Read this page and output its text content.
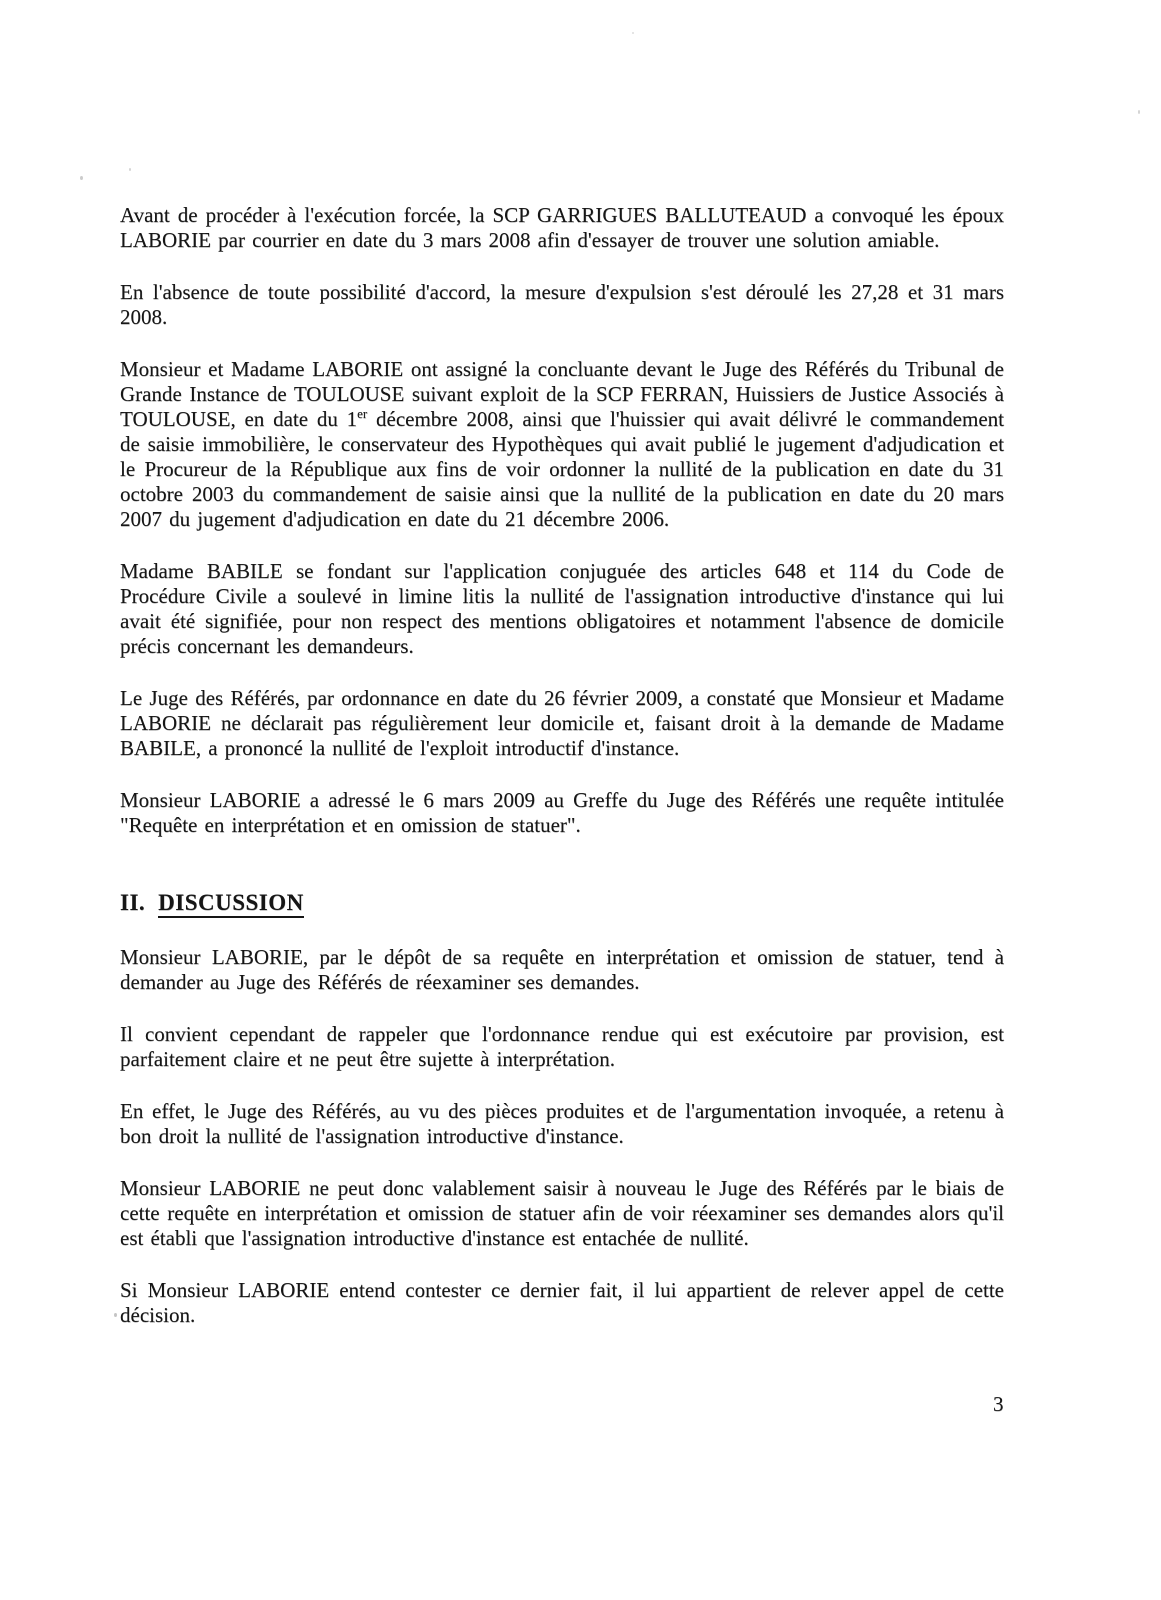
Avant de procéder à l'exécution forcée, la SCP GARRIGUES BALLUTEAUD a convoqué les époux LABORIE par courrier en date du 3 mars 2008 afin d'essayer de trouver une solution amiable.

En l'absence de toute possibilité d'accord, la mesure d'expulsion s'est déroulé les 27,28 et 31 mars 2008.

Monsieur et Madame LABORIE ont assigné la concluante devant le Juge des Référés du Tribunal de Grande Instance de TOULOUSE suivant exploit de la SCP FERRAN, Huissiers de Justice Associés à TOULOUSE, en date du 1er décembre 2008, ainsi que l'huissier qui avait délivré le commandement de saisie immobilière, le conservateur des Hypothèques qui avait publié le jugement d'adjudication et le Procureur de la République aux fins de voir ordonner la nullité de la publication en date du 31 octobre 2003 du commandement de saisie ainsi que la nullité de la publication en date du 20 mars 2007 du jugement d'adjudication en date du 21 décembre 2006.

Madame BABILE se fondant sur l'application conjuguée des articles 648 et 114 du Code de Procédure Civile a soulevé in limine litis la nullité de l'assignation introductive d'instance qui lui avait été signifiée, pour non respect des mentions obligatoires et notamment l'absence de domicile précis concernant les demandeurs.

Le Juge des Référés, par ordonnance en date du 26 février 2009, a constaté que Monsieur et Madame LABORIE ne déclarait pas régulièrement leur domicile et, faisant droit à la demande de Madame BABILE, a prononcé la nullité de l'exploit introductif d'instance.

Monsieur LABORIE a adressé le 6 mars 2009 au Greffe du Juge des Référés une requête intitulée "Requête en interprétation et en omission de statuer".

II. DISCUSSION

Monsieur LABORIE, par le dépôt de sa requête en interprétation et omission de statuer, tend à demander au Juge des Référés de réexaminer ses demandes.

Il convient cependant de rappeler que l'ordonnance rendue qui est exécutoire par provision, est parfaitement claire et ne peut être sujette à interprétation.

En effet, le Juge des Référés, au vu des pièces produites et de l'argumentation invoquée, a retenu à bon droit la nullité de l'assignation introductive d'instance.

Monsieur LABORIE ne peut donc valablement saisir à nouveau le Juge des Référés par le biais de cette requête en interprétation et omission de statuer afin de voir réexaminer ses demandes alors qu'il est établi que l'assignation introductive d'instance est entachée de nullité.

Si Monsieur LABORIE entend contester ce dernier fait, il lui appartient de relever appel de cette décision.

3
